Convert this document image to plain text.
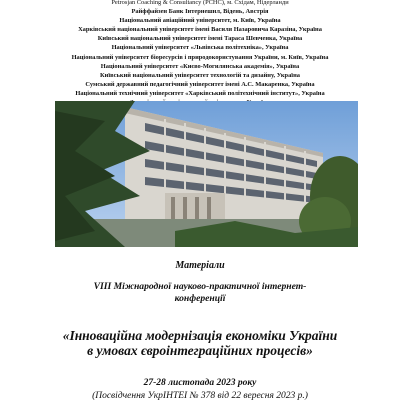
Petrosjan Coaching & Consultancy (PCHC), м. Східам, Нідерланди
Райффайзен Банк Інтернешнл, Відень, Австрія
Національний авіаційний університет, м. Київ, Україна
Харківський національний університет імені Василя Назаровича Каразіна, Україна
Київський національний університет імені Тараса Шевченка, Україна
Національний університет «Львівська політехніка», Україна
Національний університет біоресурсів і природокористування України, м. Київ, Україна
Національний університет «Києво-Могилянська академія», Україна
Київський національний університет технологій та дизайну, Україна
Сумський державний педагогічний університет імені А.С. Макаренка, Україна
Національний технічний університет «Харківський політехнічний інститут», Україна
Матеріали
VIII Міжнародної науково-практичної інтернет-
конференції
«Інноваційна модернізація економіки України
в умовах євроінтеграційних процесів»
27-28 листопада 2023 року
(Посвідчення УкрІНТЕІ № 378 від 22 вересня 2023 р.)
